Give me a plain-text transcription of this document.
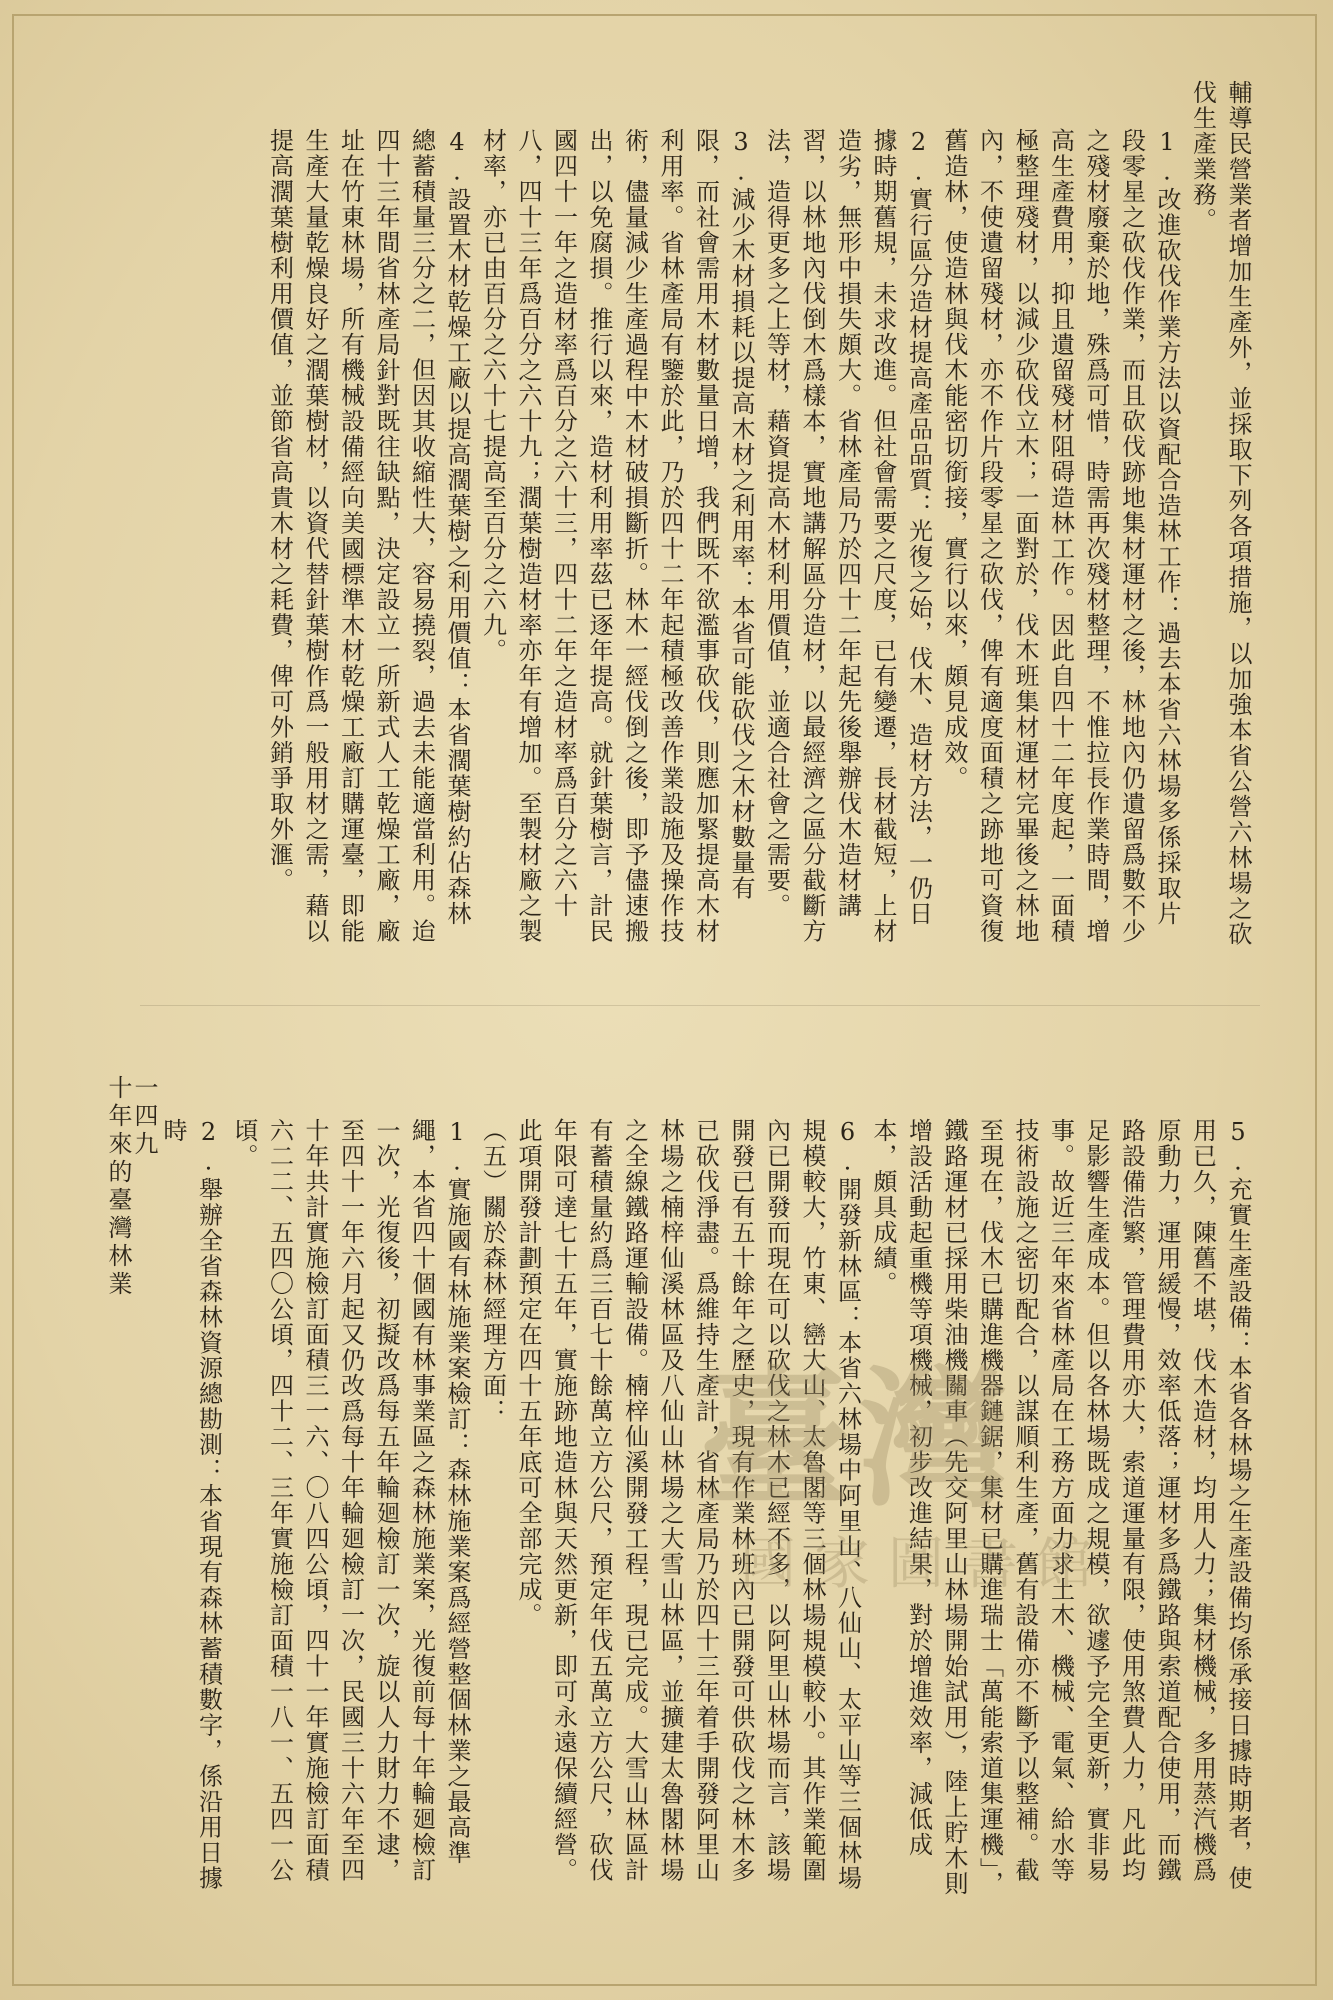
輔導民營業者增加生產外，並採取下列各項措施，以加強本省公營六林場之砍伐生產業務。

1.改進砍伐作業方法以資配合造林工作：過去本省六林場多係採取片段零星之砍伐作業，而且砍伐跡地集材運材之後，林地內仍遺留爲數不少之殘材廢棄於地，殊爲可惜，時需再次殘材整理，不惟拉長作業時間，增高生產費用，抑且遺留殘材阻碍造林工作。因此自四十二年度起，一面積極整理殘材，以減少砍伐立木；一面對於，伐木班集材運材完畢後之林地內，不使遺留殘材，亦不作片段零星之砍伐，俾有適度面積之跡地可資復舊造林，使造林與伐木能密切銜接，實行以來，頗見成效。

2.實行區分造材提高產品品質：光復之始，伐木、造材方法，一仍日據時期舊規，未求改進。但社會需要之尺度，已有變遷，長材截短，上材造劣，無形中損失頗大。省林產局乃於四十二年起先後舉辦伐木造材講習，以林地內伐倒木爲樣本，實地講解區分造材，以最經濟之區分截斷方法，造得更多之上等材，藉資提高木材利用價值，並適合社會之需要。

3.減少木材損耗以提高木材之利用率：本省可能砍伐之木材數量有限，而社會需用木材數量日增，我們既不欲濫事砍伐，則應加緊提高木材利用率。省林產局有鑒於此，乃於四十二年起積極改善作業設施及操作技術，儘量減少生產過程中木材破損斷折。林木一經伐倒之後，即予儘速搬出，以免腐損。推行以來，造材利用率茲已逐年提高。就針葉樹言，計民國四十一年之造材率爲百分之六十三，四十二年之造材率爲百分之六十八，四十三年爲百分之六十九；濶葉樹造材率亦年有增加。至製材廠之製材率，亦已由百分之六十七提高至百分之六九。

4.設置木材乾燥工廠以提高濶葉樹之利用價值：本省濶葉樹約佔森林總蓄積量三分之二，但因其收縮性大，容易撓裂，過去未能適當利用。迨四十三年間省林產局針對既往缺點，決定設立一所新式人工乾燥工廠，廠址在竹東林場，所有機械設備經向美國標準木材乾燥工廠訂購運臺，即能生產大量乾燥良好之濶葉樹材，以資代替針葉樹作爲一般用材之需，藉以提高濶葉樹利用價值，並節省高貴木材之耗費，俾可外銷爭取外滙。

5.充實生產設備：本省各林場之生產設備均係承接日據時期者，使用已久，陳舊不堪，伐木造材，均用人力；集材機械，多用蒸汽機爲原動力，運用緩慢，效率低落；運材多爲鐵路與索道配合使用，而鐵路設備浩繁，管理費用亦大，索道運量有限，使用煞費人力，凡此均足影響生產成本。但以各林場既成之規模，欲遽予完全更新，實非易事。故近三年來省林產局在工務方面力求土木、機械、電氣、給水等技術設施之密切配合，以謀順利生產，舊有設備亦不斷予以整補。截至現在，伐木已購進機器鏈鋸，集材已購進瑞士「萬能索道集運機」，鐵路運材已採用柴油機關車（先交阿里山林場開始試用），陸上貯木則增設活動起重機等項機械，初步改進結果，對於增進效率，減低成本，頗具成績。

6.開發新林區：本省六林場中阿里山、八仙山、太平山等三個林場規模較大，竹東、巒大山、太魯閣等三個林場規模較小。其作業範圍內已開發而現在可以砍伐之林木已經不多，以阿里山林場而言，該場開發已有五十餘年之歷史，現有作業林班內已開發可供砍伐之林木多已砍伐淨盡。爲維持生產計，省林產局乃於四十三年着手開發阿里山林場之楠梓仙溪林區及八仙山林場之大雪山林區，並擴建太魯閣林場之全線鐵路運輸設備。楠梓仙溪開發工程，現已完成。大雪山林區計有蓄積量約爲三百七十餘萬立方公尺，預定年伐五萬立方公尺，砍伐年限可達七十五年，實施跡地造林與天然更新，即可永遠保續經營。此項開發計劃預定在四十五年底可全部完成。

（五）關於森林經理方面：

1.實施國有林施業案檢訂：森林施業案爲經營整個林業之最高準繩，本省四十個國有林事業區之森林施業案，光復前每十年輪廻檢訂一次，光復後，初擬改爲每五年輪廻檢訂一次，旋以人力財力不逮，至四十一年六月起又仍改爲每十年輪廻檢訂一次，民國三十六年至四十年共計實施檢訂面積三一六、〇八四公頃，四十一年實施檢訂面積六二二、五四〇公頃，四十二、三年實施檢訂面積一八一、五四一公頃。

2.舉辦全省森林資源總勘測：本省現有森林蓄積數字，係沿用日據時

十年來的臺灣林業
一四九
臺灣
國家圖書館
